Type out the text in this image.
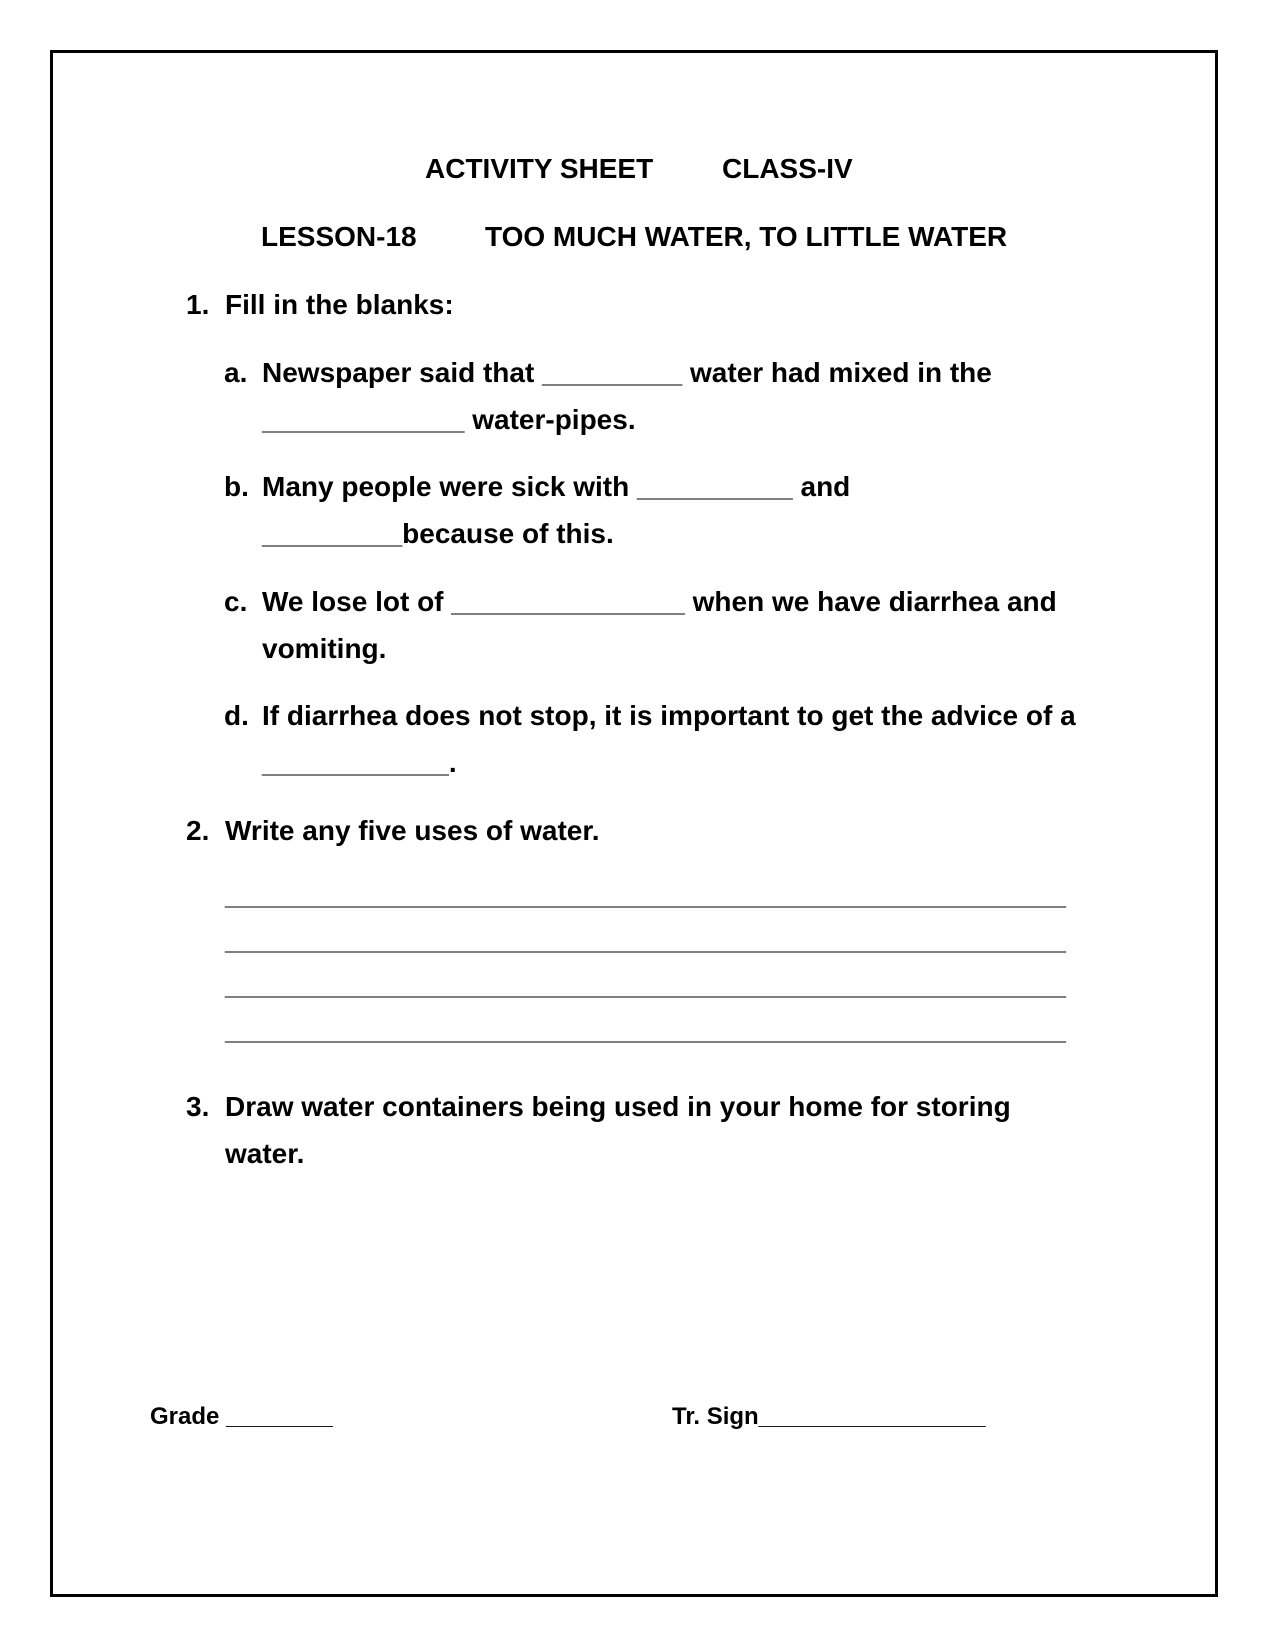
ACTIVITY SHEET CLASS-IV
LESSON-18 TOO MUCH WATER, TO LITTLE WATER
1. Fill in the blanks:
a. Newspaper said that _________ water had mixed in the
_____________ water-pipes.
b. Many people were sick with __________ and
_________because of this.
c. We lose lot of _______________ when we have diarrhea and
vomiting.
d. If diarrhea does not stop, it is important to get the advice of a
____________.
2. Write any five uses of water.
______________________________________________________
______________________________________________________
______________________________________________________
______________________________________________________
3. Draw water containers being used in your home for storing
water.
Grade ________	Tr. Sign_________________
